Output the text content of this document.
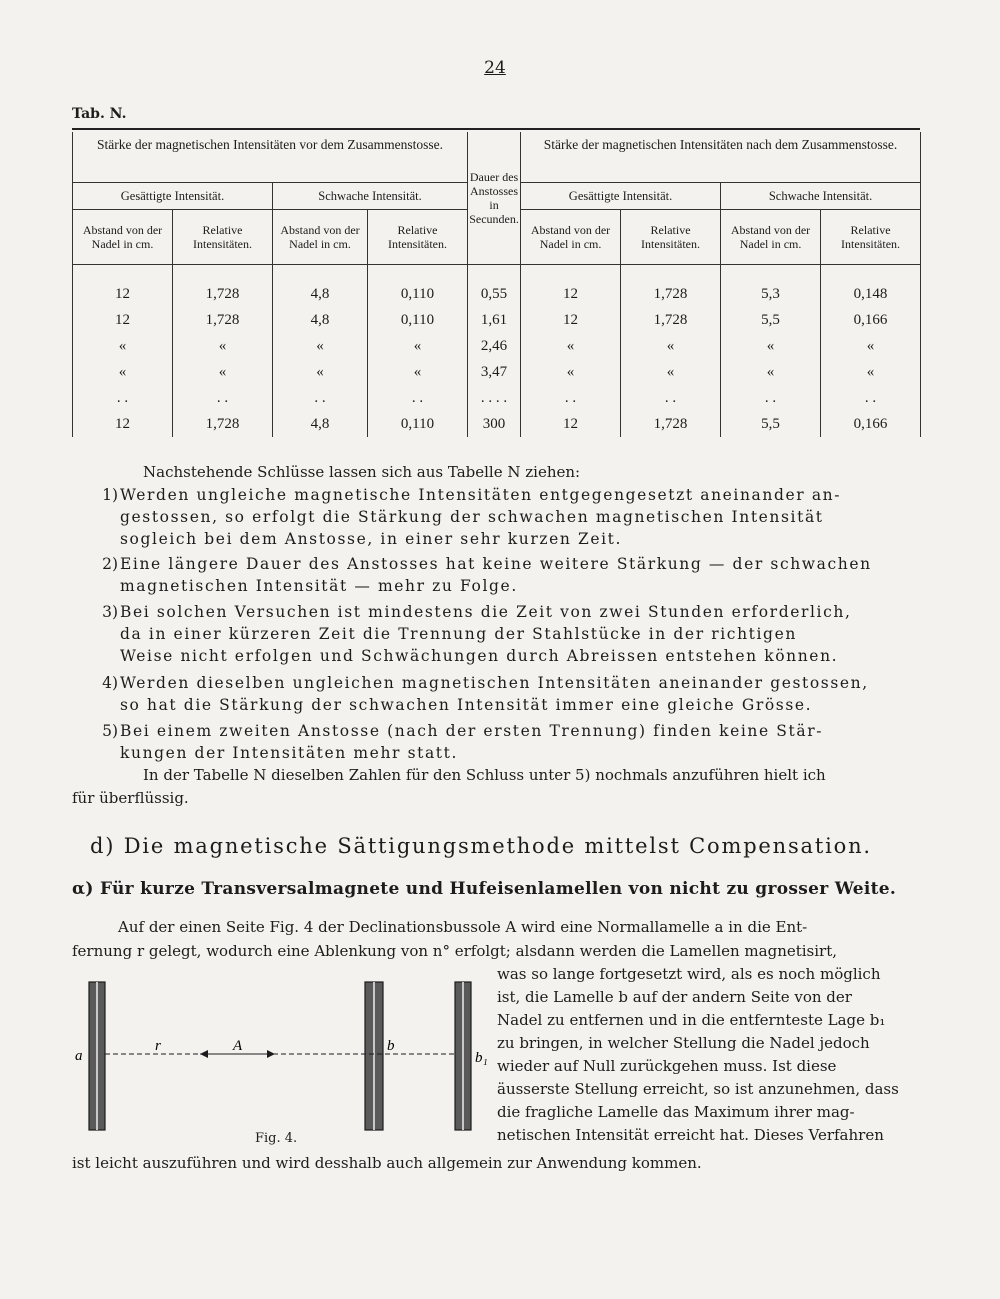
24
Tab. N.
Stärke der magnetischen Intensitäten vor dem Zusammenstosse.				Dauer des Anstosses in Secunden.	Stärke der magnetischen Intensitäten nach dem Zusammenstosse.			
Gesättigte Intensität.		Schwache Intensität.			Gesättigte Intensität.		Schwache Intensität.	
Abstand von der Nadel in cm.	Relative Intensitäten.	Abstand von der Nadel in cm.	Relative Intensitäten.		Abstand von der Nadel in cm.	Relative Intensitäten.	Abstand von der Nadel in cm.	Relative Intensitäten.
12	1,728	4,8	0,110	0,55	12	1,728	5,3	0,148
12	1,728	4,8	0,110	1,61	12	1,728	5,5	0,166
«	«	«	«	2,46	«	«	«	«
«	«	«	«	3,47	«	«	«	«
. .	. .	. .	. .	. . . .	. .	. .	. .	. .
12	1,728	4,8	0,110	300	12	1,728	5,5	0,166
Nachstehende Schlüsse lassen sich aus Tabelle N ziehen:
1) Werden ungleiche magnetische Intensitäten entgegengesetzt aneinander an-
gestossen, so erfolgt die Stärkung der schwachen magnetischen Intensität
sogleich bei dem Anstosse, in einer sehr kurzen Zeit.
2) Eine längere Dauer des Anstosses hat keine weitere Stärkung — der schwachen
magnetischen Intensität — mehr zu Folge.
3) Bei solchen Versuchen ist mindestens die Zeit von zwei Stunden erforderlich,
da in einer kürzeren Zeit die Trennung der Stahlstücke in der richtigen
Weise nicht erfolgen und Schwächungen durch Abreissen entstehen können.
4) Werden dieselben ungleichen magnetischen Intensitäten aneinander gestossen,
so hat die Stärkung der schwachen Intensität immer eine gleiche Grösse.
5) Bei einem zweiten Anstosse (nach der ersten Trennung) finden keine Stär-
kungen der Intensitäten mehr statt.
In der Tabelle N dieselben Zahlen für den Schluss unter 5) nochmals anzuführen hielt ich
für überflüssig.
d) Die magnetische Sättigungsmethode mittelst Compensation.
α) Für kurze Transversalmagnete und Hufeisenlamellen von nicht zu grosser Weite.
Auf der einen Seite Fig. 4 der Declinationsbussole A wird eine Normallamelle a in die Ent-
fernung r gelegt, wodurch eine Ablenkung von n° erfolgt; alsdann werden die Lamellen magnetisirt,
was so lange fortgesetzt wird, als es noch möglich
ist, die Lamelle b auf der andern Seite von der
Nadel zu entfernen und in die entfernteste Lage b₁
zu bringen, in welcher Stellung die Nadel jedoch
wieder auf Null zurückgehen muss. Ist diese
äusserste Stellung erreicht, so ist anzunehmen, dass
die fragliche Lamelle das Maximum ihrer mag-
netischen Intensität erreicht hat. Dieses Verfahren
ist leicht auszuführen und wird desshalb auch allgemein zur Anwendung kommen.
a
r	A	b
b₁
Fig. 4.
